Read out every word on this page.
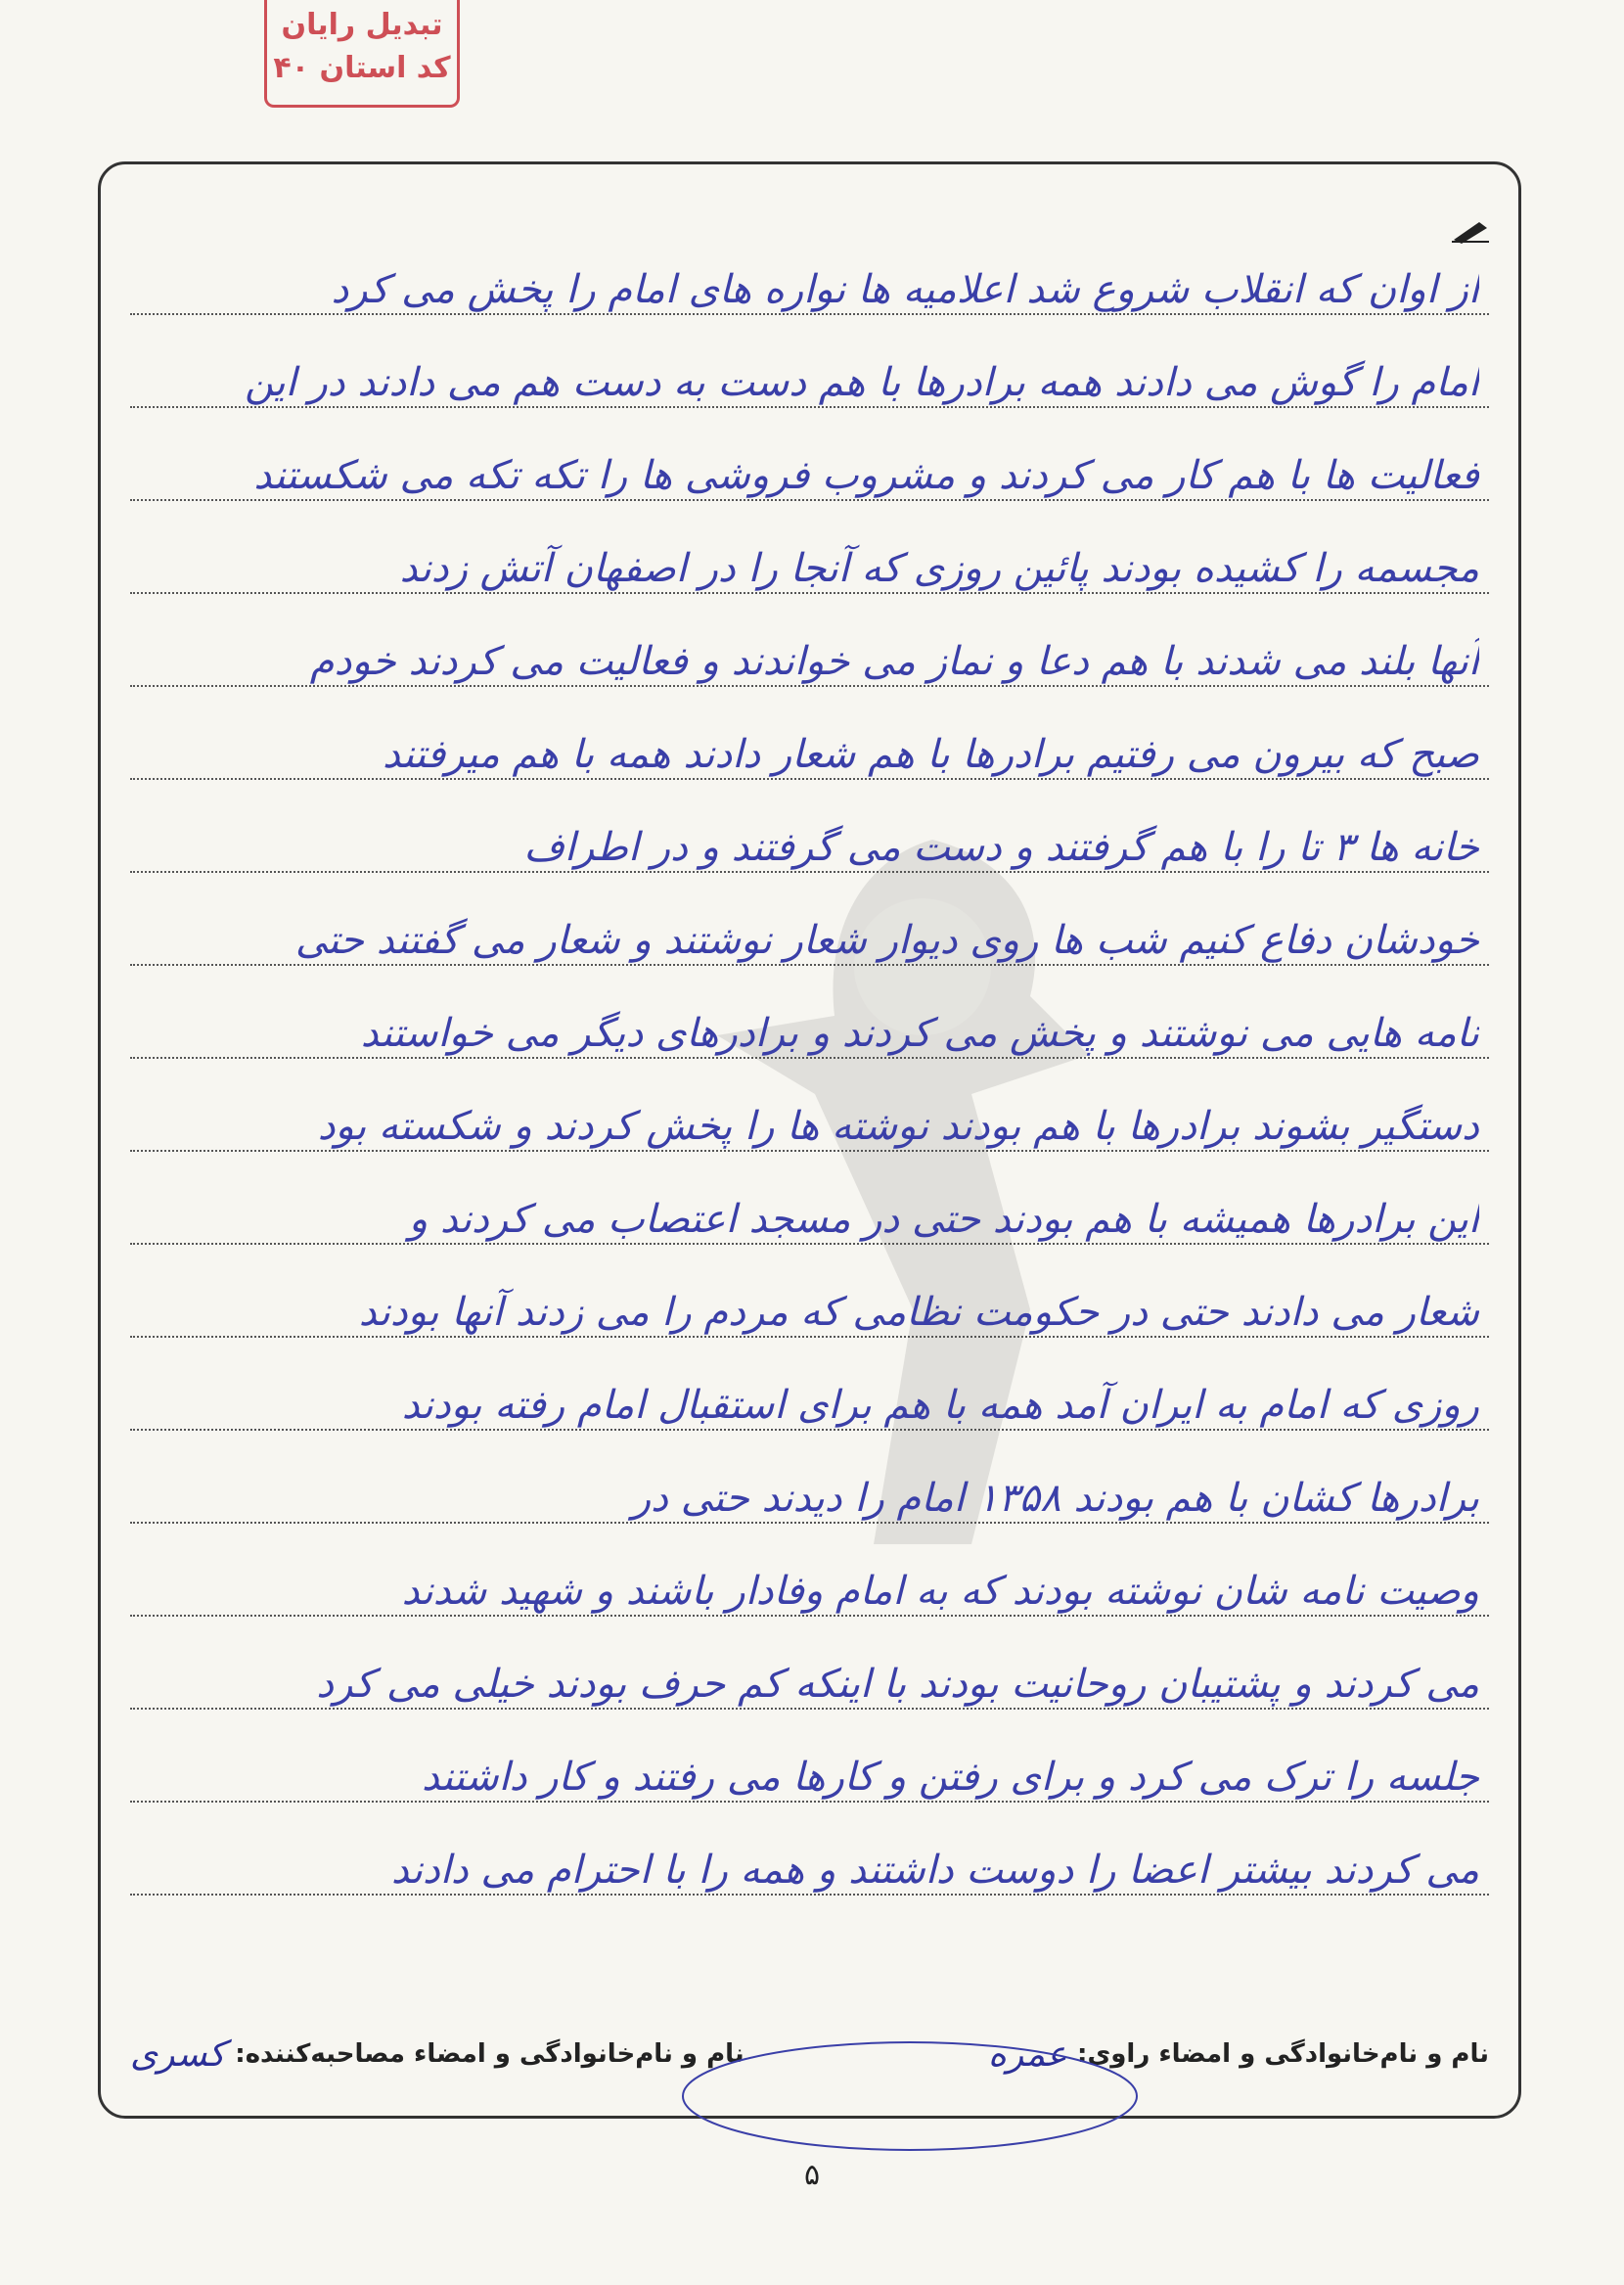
تبدیل رایان
کد استان ۴۰
از اوان که انقلاب شروع شد اعلامیه ها نواره های امام را پخش می کرد
امام را گوش می دادند همه برادرها با هم دست به دست هم می دادند در این
فعالیت ها با هم کار می کردند و مشروب فروشی ها را تکه تکه می شکستند
مجسمه را کشیده بودند پائین روزی که آنجا را در اصفهان آتش زدند
آنها بلند می شدند با هم دعا و نماز می خواندند و فعالیت می کردند خودم
صبح که بیرون می رفتیم برادرها با هم شعار دادند همه با هم میرفتند
خانه ها ۳ تا را با هم گرفتند و دست می گرفتند و در اطراف
خودشان دفاع کنیم شب ها روی دیوار شعار نوشتند و شعار می گفتند حتی
نامه هایی می نوشتند و پخش می کردند و برادرهای دیگر می خواستند
دستگیر بشوند برادرها با هم بودند نوشته ها را پخش کردند و شکسته بود
این برادرها همیشه با هم بودند حتی در مسجد اعتصاب می کردند و
شعار می دادند حتی در حکومت نظامی که مردم را می زدند آنها بودند
روزی که امام به ایران آمد همه با هم برای استقبال امام رفته بودند
برادرها کشان با هم بودند ۱۳۵۸ امام را دیدند حتی در
وصیت نامه شان نوشته بودند که به امام وفادار باشند و شهید شدند
می کردند و پشتیبان روحانیت بودند با اینکه کم حرف بودند خیلی می کرد
جلسه را ترک می کرد و برای رفتن و کارها می رفتند و کار داشتند
می کردند بیشتر اعضا را دوست داشتند و همه را با احترام می دادند
نام و نام‌خانوادگی و امضاء راوی:
ﻋﻤﺮﻩ
نام و نام‌خانوادگی و امضاء مصاحبه‌کننده:
کسری
۵
